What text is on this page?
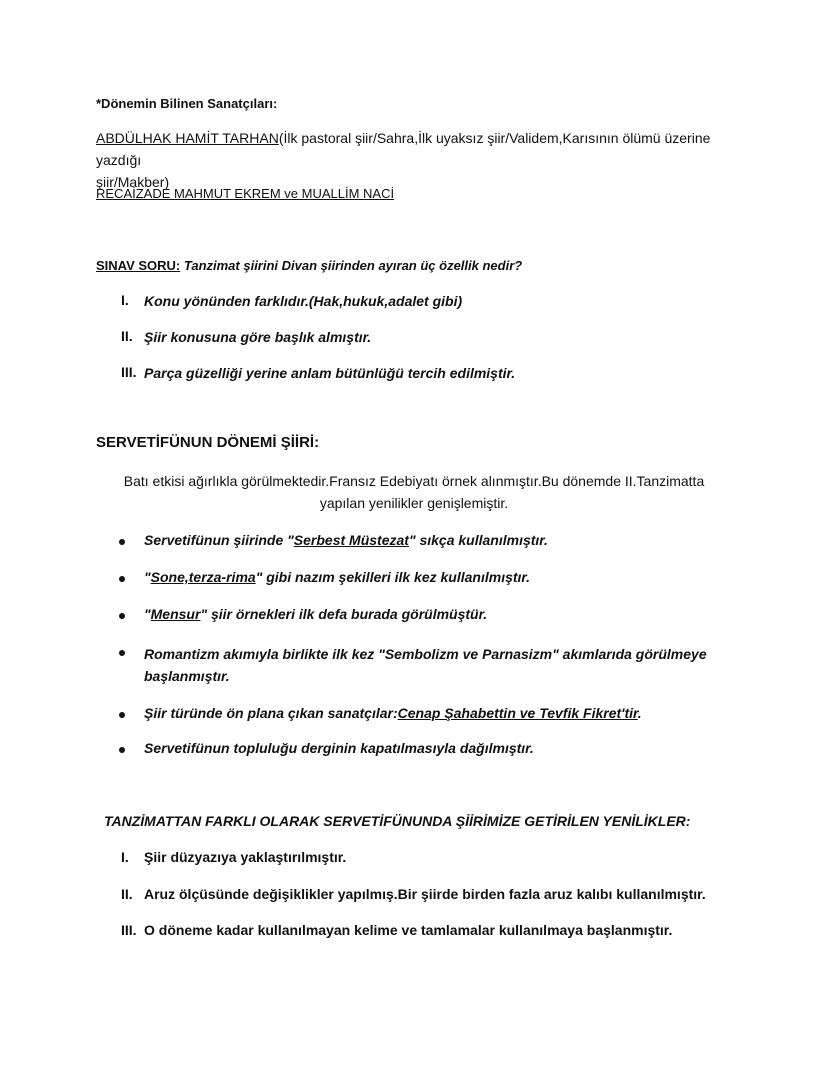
*Dönemin Bilinen Sanatçıları:
ABDÜLHAK HAMİT TARHAN(İlk pastoral şiir/Sahra,İlk uyaksız şiir/Validem,Karısının ölümü üzerine yazdığı
şiir/Makber)
RECAİZADE MAHMUT EKREM ve MUALLİM NACİ
SINAV SORU: Tanzimat şiirini Divan şiirinden ayıran üç özellik nedir?
I. Konu yönünden farklıdır.(Hak,hukuk,adalet gibi)
II. Şiir konusuna göre başlık almıştır.
III. Parça güzelliği yerine anlam bütünlüğü tercih edilmiştir.
SERVETİFÜNUN DÖNEMİ ŞİİRİ:
Batı etkisi ağırlıkla görülmektedir.Fransız Edebiyatı örnek alınmıştır.Bu dönemde II.Tanzimatta
yapılan yenilikler genişlemiştir.
Servetifünun şiirinde "Serbest Müstezat" sıkça kullanılmıştır.
"Sone,terza-rima" gibi nazım şekilleri ilk kez kullanılmıştır.
"Mensur" şiir örnekleri ilk defa burada görülmüştür.
Romantizm akımıyla birlikte ilk kez "Sembolizm ve Parnasizm" akımlarıda görülmeye
başlanmıştır.
Şiir türünde ön plana çıkan sanatçılar:Cenap Şahabettin ve Tevfik Fikret'tir.
Servetifünun topluluğu derginin kapatılmasıyla dağılmıştır.
TANZİMATTAN FARKLI OLARAK SERVETİFÜNUNDA ŞİİRİMİZE GETİRİLEN YENİLİKLER:
I. Şiir düzyazıya yaklaştırılmıştır.
II. Aruz ölçüsünde değişiklikler yapılmış.Bir şiirde birden fazla aruz kalıbı kullanılmıştır.
III. O döneme kadar kullanılmayan kelime ve tamlamalar kullanılmaya başlanmıştır.
